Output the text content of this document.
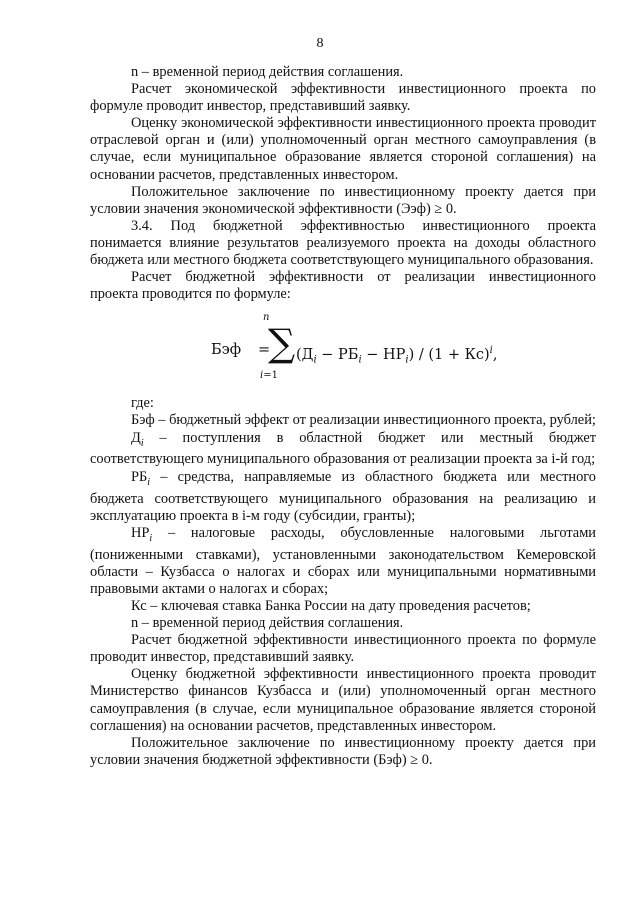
8

n – временной период действия соглашения.

Расчет экономической эффективности инвестиционного проекта по формуле проводит инвестор, представивший заявку.

Оценку экономической эффективности инвестиционного проекта проводит отраслевой орган и (или) уполномоченный орган местного самоуправления (в случае, если муниципальное образование является стороной соглашения) на основании расчетов, представленных инвестором.

Положительное заключение по инвестиционному проекту дается при условии значения экономической эффективности (Ээф) ≥ 0.

3.4. Под бюджетной эффективностью инвестиционного проекта понимается влияние результатов реализуемого проекта на доходы областного бюджета или местного бюджета соответствующего муниципального образования.

Расчет бюджетной эффективности от реализации инвестиционного проекта проводится по формуле:

Бэф =
n
∑
i=1
$(Д_i - РБ_i - НР_i) / (1 + Кс)^i$,

где:

Бэф – бюджетный эффект от реализации инвестиционного проекта, рублей;

$Д_i$ – поступления в областной бюджет или местный бюджет соответствующего муниципального образования от реализации проекта за i-й год;

$РБ_i$ – средства, направляемые из областного бюджета или местного бюджета соответствующего муниципального образования на реализацию и эксплуатацию проекта в i-м году (субсидии, гранты);

$НР_i$ – налоговые расходы, обусловленные налоговыми льготами (пониженными ставками), установленными законодательством Кемеровской области – Кузбасса о налогах и сборах или муниципальными нормативными правовыми актами о налогах и сборах;

Кс – ключевая ставка Банка России на дату проведения расчетов;

n – временной период действия соглашения.

Расчет бюджетной эффективности инвестиционного проекта по формуле проводит инвестор, представивший заявку.

Оценку бюджетной эффективности инвестиционного проекта проводит Министерство финансов Кузбасса и (или) уполномоченный орган местного самоуправления (в случае, если муниципальное образование является стороной соглашения) на основании расчетов, представленных инвестором.

Положительное заключение по инвестиционному проекту дается при условии значения бюджетной эффективности (Бэф) ≥ 0.
